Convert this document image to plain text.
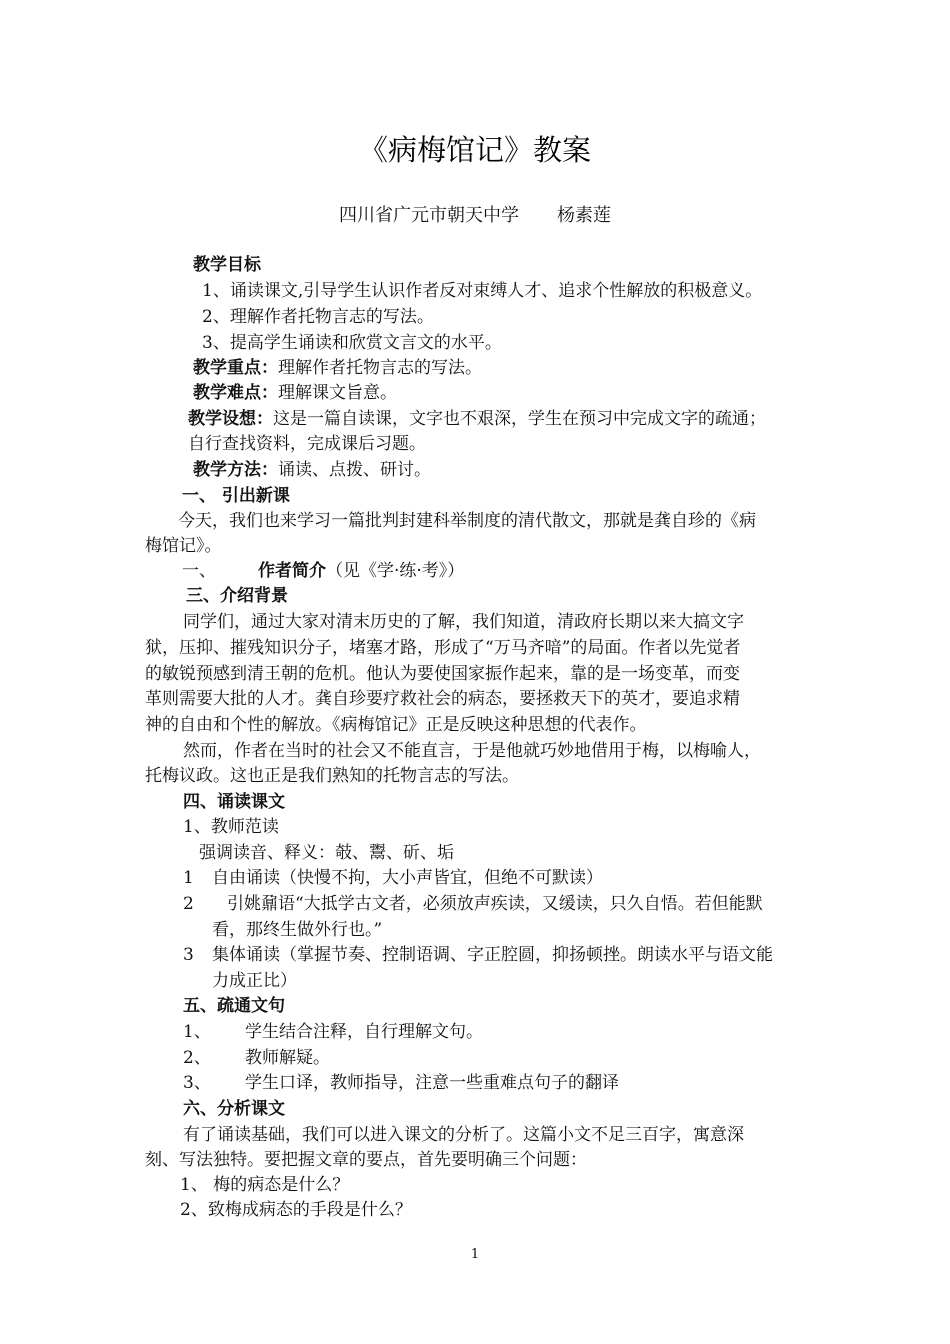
《病梅馆记》教案
四川省广元市朝天中学 杨素莲
教学目标
1、诵读课文,引导学生认识作者反对束缚人才、追求个性解放的积极意义。
2、理解作者托物言志的写法。
3、提高学生诵读和欣赏文言文的水平。
教学重点：理解作者托物言志的写法。
教学难点：理解课文旨意。
教学设想：这是一篇自读课，文字也不艰深，学生在预习中完成文字的疏通；
自行查找资料，完成课后习题。
教学方法：诵读、点拨、研讨。
一、 引出新课
今天，我们也来学习一篇批判封建科举制度的清代散文，那就是龚自珍的《病
梅馆记》。
一、 作者简介（见《学·练·考》）
三、介绍背景
同学们，通过大家对清末历史的了解，我们知道，清政府长期以来大搞文字
狱，压抑、摧残知识分子，堵塞才路，形成了“万马齐喑”的局面。作者以先觉者
的敏锐预感到清王朝的危机。他认为要使国家振作起来，靠的是一场变革，而变
革则需要大批的人才。龚自珍要疗救社会的病态，要拯救天下的英才，要追求精
神的自由和个性的解放。《病梅馆记》正是反映这种思想的代表作。
然而，作者在当时的社会又不能直言，于是他就巧妙地借用于梅，以梅喻人，
托梅议政。这也正是我们熟知的托物言志的写法。
四、诵读课文
1、教师范读
强调读音、释义：攲、鬻、斫、垢
1 自由诵读（快慢不拘，大小声皆宜，但绝不可默读）
2 引姚鼐语“大抵学古文者，必须放声疾读，又缓读，只久自悟。若但能默
看，那终生做外行也。”
3 集体诵读（掌握节奏、控制语调、字正腔圆，抑扬顿挫。朗读水平与语文能
力成正比）
五、疏通文句
1、 学生结合注释，自行理解文句。
2、 教师解疑。
3、 学生口译，教师指导，注意一些重难点句子的翻译
六、分析课文
有了诵读基础，我们可以进入课文的分析了。这篇小文不足三百字，寓意深
刻、写法独特。要把握文章的要点，首先要明确三个问题：
1、 梅的病态是什么？
2、致梅成病态的手段是什么？
1
